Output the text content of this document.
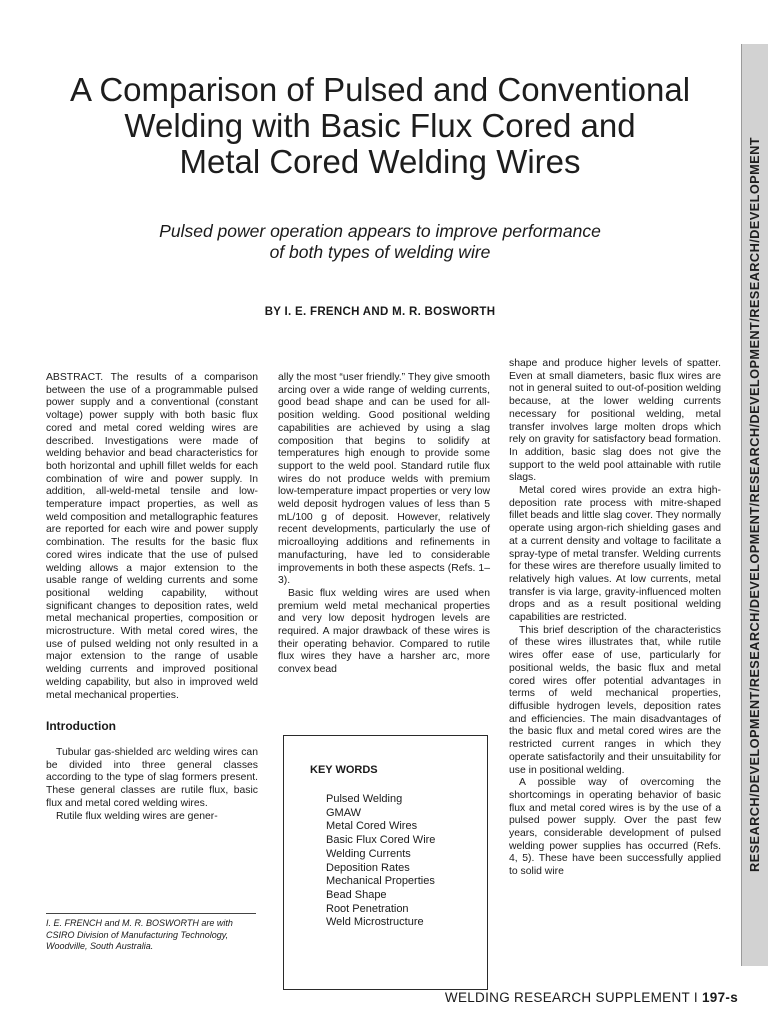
A Comparison of Pulsed and Conventional
Welding with Basic Flux Cored and
Metal Cored Welding Wires

Pulsed power operation appears to improve performance
of both types of welding wire

BY I. E. FRENCH AND M. R. BOSWORTH

ABSTRACT. The results of a comparison between the use of a programmable pulsed power supply and a conventional (constant voltage) power supply with both basic flux cored and metal cored welding wires are described. Investigations were made of welding behavior and bead characteristics for both horizontal and uphill fillet welds for each combination of wire and power supply. In addition, all-weld-metal tensile and low-temperature impact properties, as well as weld composition and metallographic features are reported for each wire and power supply combination. The results for the basic flux cored wires indicate that the use of pulsed welding allows a major extension to the usable range of welding currents and some positional welding capability, without significant changes to deposition rates, weld metal mechanical properties, composition or microstructure. With metal cored wires, the use of pulsed welding not only resulted in a major extension to the range of usable welding currents and improved positional welding capability, but also in improved weld metal mechanical properties.

Introduction

Tubular gas-shielded arc welding wires can be divided into three general classes according to the type of slag formers present. These general classes are rutile flux, basic flux and metal cored welding wires.

Rutile flux welding wires are gener-

I. E. FRENCH and M. R. BOSWORTH are with CSIRO Division of Manufacturing Technology, Woodville, South Australia.

ally the most “user friendly.” They give smooth arcing over a wide range of welding currents, good bead shape and can be used for all-position welding. Good positional welding capabilities are achieved by using a slag composition that begins to solidify at temperatures high enough to provide some support to the weld pool. Standard rutile flux wires do not produce welds with premium low-temperature impact properties or very low weld deposit hydrogen values of less than 5 mL/100 g of deposit. However, relatively recent developments, particularly the use of microalloying additions and refinements in manufacturing, have led to considerable improvements in both these aspects (Refs. 1–3).

Basic flux welding wires are used when premium weld metal mechanical properties and very low deposit hydrogen levels are required. A major drawback of these wires is their operating behavior. Compared to rutile flux wires they have a harsher arc, more convex bead

KEY WORDS
Pulsed Welding
GMAW
Metal Cored Wires
Basic Flux Cored Wire
Welding Currents
Deposition Rates
Mechanical Properties
Bead Shape
Root Penetration
Weld Microstructure

shape and produce higher levels of spatter. Even at small diameters, basic flux wires are not in general suited to out-of-position welding because, at the lower welding currents necessary for positional welding, metal transfer involves large molten drops which rely on gravity for satisfactory bead formation. In addition, basic slag does not give the support to the weld pool attainable with rutile slags.

Metal cored wires provide an extra high-deposition rate process with mitre-shaped fillet beads and little slag cover. They normally operate using argon-rich shielding gases and at a current density and voltage to facilitate a spray-type of metal transfer. Welding currents for these wires are therefore usually limited to relatively high values. At low currents, metal transfer is via large, gravity-influenced molten drops and as a result positional welding capabilities are restricted.

This brief description of the characteristics of these wires illustrates that, while rutile wires offer ease of use, particularly for positional welds, the basic flux and metal cored wires offer potential advantages in terms of weld mechanical properties, diffusible hydrogen levels, deposition rates and efficiencies. The main disadvantages of the basic flux and metal cored wires are the restricted current ranges in which they operate satisfactorily and their unsuitability for use in positional welding.

A possible way of overcoming the shortcomings in operating behavior of basic flux and metal cored wires is by the use of a pulsed power supply. Over the past few years, considerable development of pulsed welding power supplies has occurred (Refs. 4, 5). These have been successfully applied to solid wire	RESEARCH/DEVELOPMENT/RESEARCH/DEVELOPMENT/RESEARCH/DEVELOPMENT/RESEARCH/DEVELOPMENT
WELDING RESEARCH SUPPLEMENT I 197-s
